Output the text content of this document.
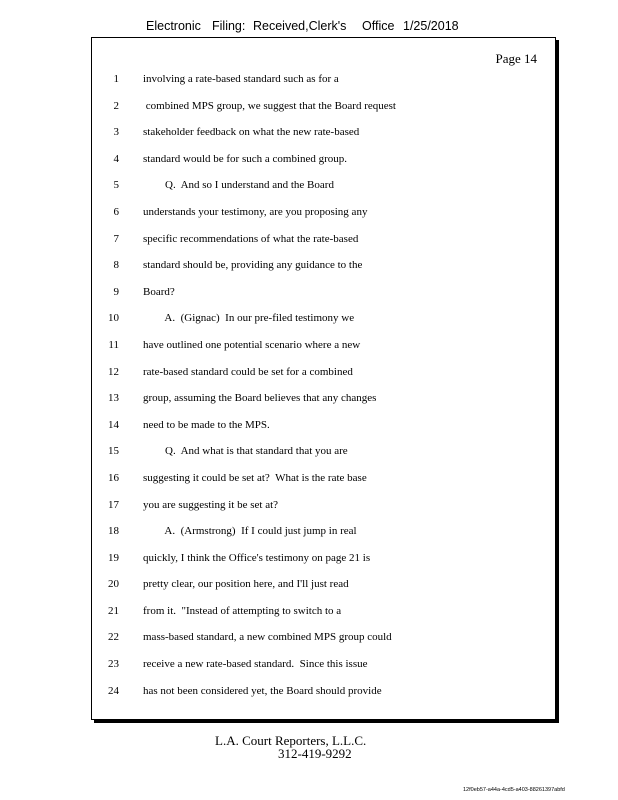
Electronic

Filing:

Received,Clerk's

Office

1/25/2018

Page 14
1 involving a rate-based standard such as for a
2 combined MPS group, we suggest that the Board request
3 stakeholder feedback on what the new rate-based
4 standard would be for such a combined group.
5 Q.  And so I understand and the Board
6 understands your testimony, are you proposing any
7 specific recommendations of what the rate-based
8 standard should be, providing any guidance to the
9 Board?
10 A.  (Gignac)  In our pre-filed testimony we
11 have outlined one potential scenario where a new
12 rate-based standard could be set for a combined
13 group, assuming the Board believes that any changes
14 need to be made to the MPS.
15 Q.  And what is that standard that you are
16 suggesting it could be set at?  What is the rate base
17 you are suggesting it be set at?
18 A.  (Armstrong)  If I could just jump in real
19 quickly, I think the Office's testimony on page 21 is
20 pretty clear, our position here, and I'll just read
21 from it.  "Instead of attempting to switch to a
22 mass-based standard, a new combined MPS group could
23 receive a new rate-based standard.  Since this issue
24 has not been considered yet, the Board should provide
L.A. Court Reporters, L.L.C.
312-419-9292
12f0eb57-a44a-4cd5-a403-88261397abfd
